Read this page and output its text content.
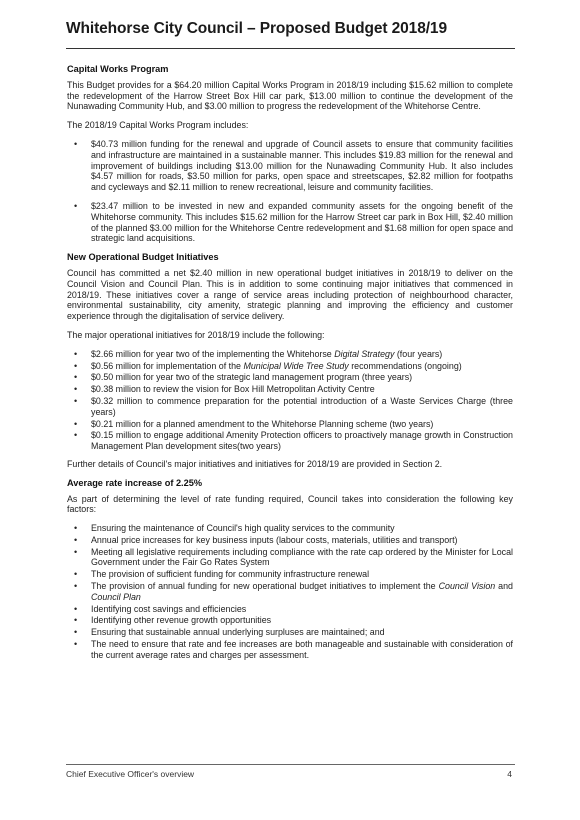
Whitehorse City Council – Proposed Budget 2018/19
Capital Works Program

This Budget provides for a $64.20 million Capital Works Program in 2018/19 including $15.62 million to complete the redevelopment of the Harrow Street Box Hill car park, $13.00 million to continue the development of the Nunawading Community Hub, and $3.00 million to progress the redevelopment of the Whitehorse Centre.

The 2018/19 Capital Works Program includes:

• $40.73 million funding for the renewal and upgrade of Council assets to ensure that community facilities and infrastructure are maintained in a sustainable manner. This includes $19.83 million for the renewal and improvement of buildings including $13.00 million for the Nunawading Community Hub. It also includes $4.57 million for roads, $3.50 million for parks, open space and streetscapes, $2.82 million for footpaths and cycleways and $2.11 million to renew recreational, leisure and community facilities.
• $23.47 million to be invested in new and expanded community assets for the ongoing benefit of the Whitehorse community. This includes $15.62 million for the Harrow Street car park in Box Hill, $2.40 million of the planned $3.00 million for the Whitehorse Centre redevelopment and $1.68 million for open space and strategic land acquisitions.
New Operational Budget Initiatives

Council has committed a net $2.40 million in new operational budget initiatives in 2018/19 to deliver on the Council Vision and Council Plan. This is in addition to some continuing major initiatives that commenced in 2018/19. These initiatives cover a range of service areas including protection of neighbourhood character, environmental sustainability, city amenity, strategic planning and improving the efficiency and customer experience through the digitalisation of service delivery.

The major operational initiatives for 2018/19 include the following:

• $2.66 million for year two of the implementing the Whitehorse Digital Strategy (four years)
• $0.56 million for implementation of the Municipal Wide Tree Study recommendations (ongoing)
• $0.50 million for year two of the strategic land management program (three years)
• $0.38 million to review the vision for Box Hill Metropolitan Activity Centre
• $0.32 million to commence preparation for the potential introduction of a Waste Services Charge (three years)
• $0.21 million for a planned amendment to the Whitehorse Planning scheme (two years)
• $0.15 million to engage additional Amenity Protection officers to proactively manage growth in Construction Management Plan development sites(two years)

Further details of Council's major initiatives and initiatives for 2018/19 are provided in Section 2.

Average rate increase of 2.25%

As part of determining the level of rate funding required, Council takes into consideration the following key factors:

• Ensuring the maintenance of Council's high quality services to the community
• Annual price increases for key business inputs (labour costs, materials, utilities and transport)
• Meeting all legislative requirements including compliance with the rate cap ordered by the Minister for Local Government under the Fair Go Rates System
• The provision of sufficient funding for community infrastructure renewal
• The provision of annual funding for new operational budget initiatives to implement the Council Vision and Council Plan
• Identifying cost savings and efficiencies
• Identifying other revenue growth opportunities
• Ensuring that sustainable annual underlying surpluses are maintained; and
• The need to ensure that rate and fee increases are both manageable and sustainable with consideration of the current average rates and charges per assessment.
Chief Executive Officer's overview	4
